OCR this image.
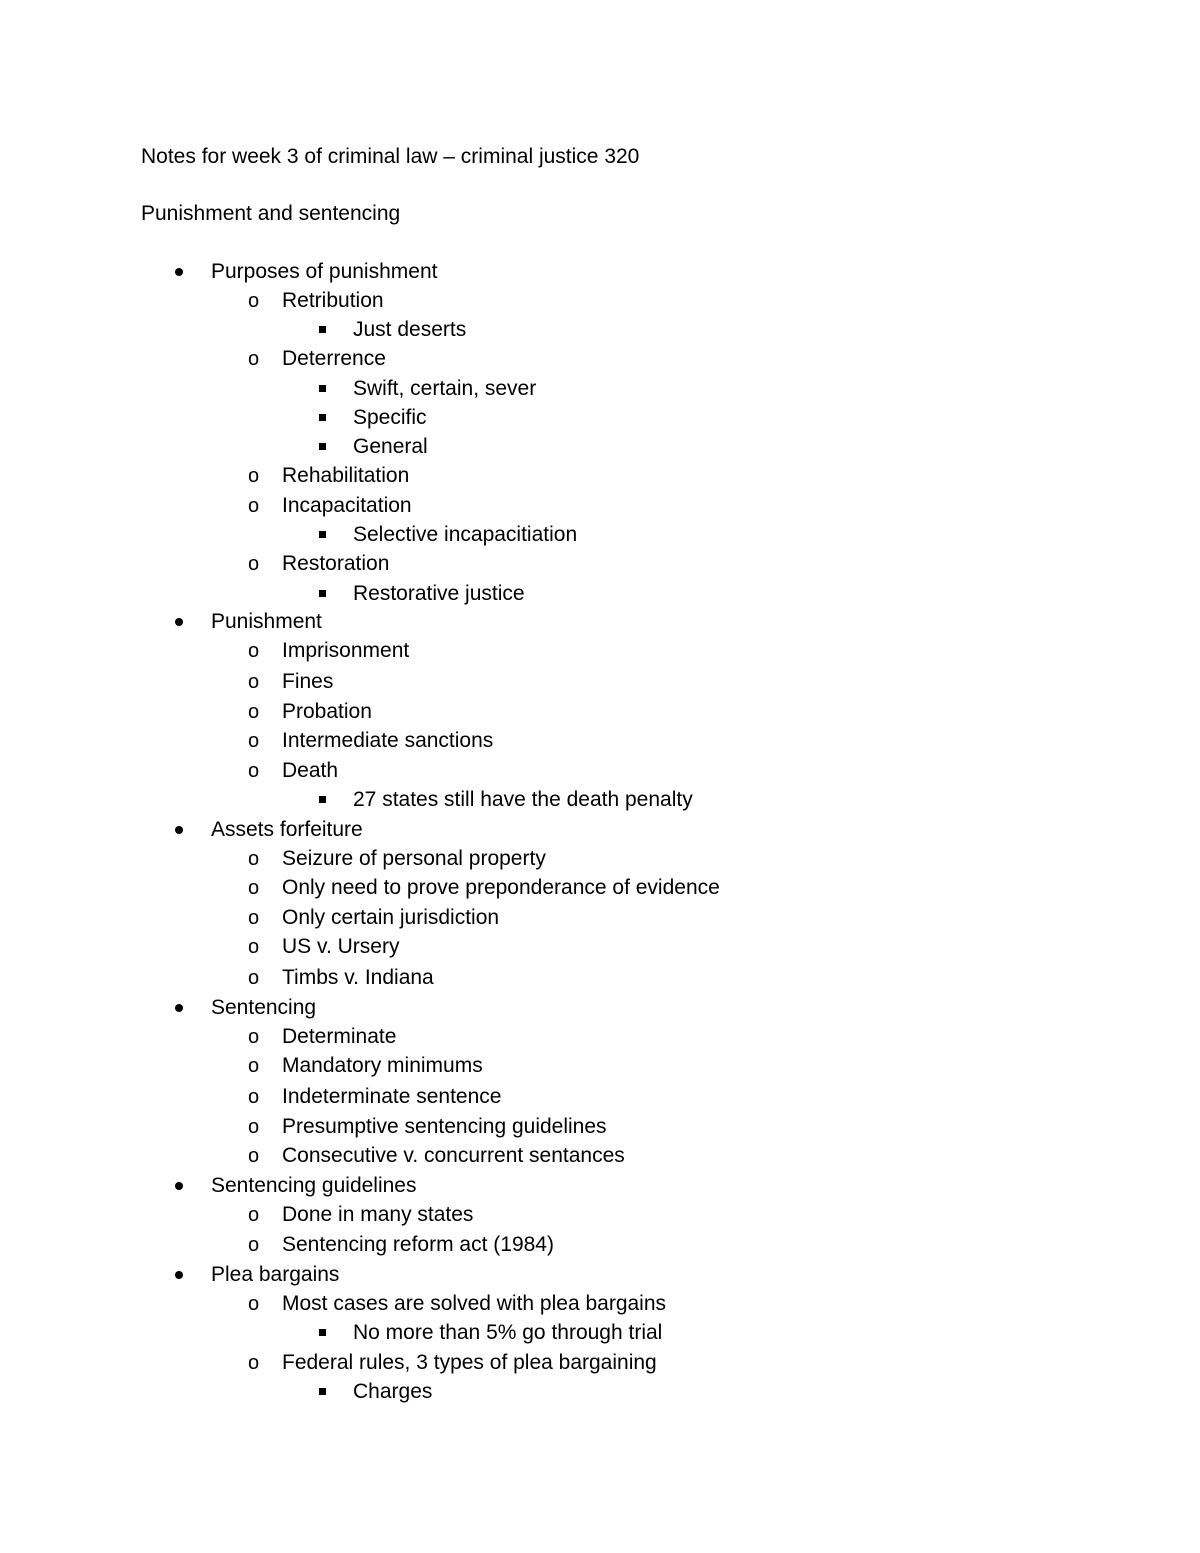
Notes for week 3 of criminal law – criminal justice 320
Punishment and sentencing
Purposes of punishment
o Retribution
Just deserts
o Deterrence
Swift, certain, sever
Specific
General
o Rehabilitation
o Incapacitation
Selective incapacitiation
o Restoration
Restorative justice
Punishment
o Imprisonment
o Fines
o Probation
o Intermediate sanctions
o Death
27 states still have the death penalty
Assets forfeiture
o Seizure of personal property
o Only need to prove preponderance of evidence
o Only certain jurisdiction
o US v. Ursery
o Timbs v. Indiana
Sentencing
o Determinate
o Mandatory minimums
o Indeterminate sentence
o Presumptive sentencing guidelines
o Consecutive v. concurrent sentances
Sentencing guidelines
o Done in many states
o Sentencing reform act (1984)
Plea bargains
o Most cases are solved with plea bargains
No more than 5% go through trial
o Federal rules, 3 types of plea bargaining
Charges
